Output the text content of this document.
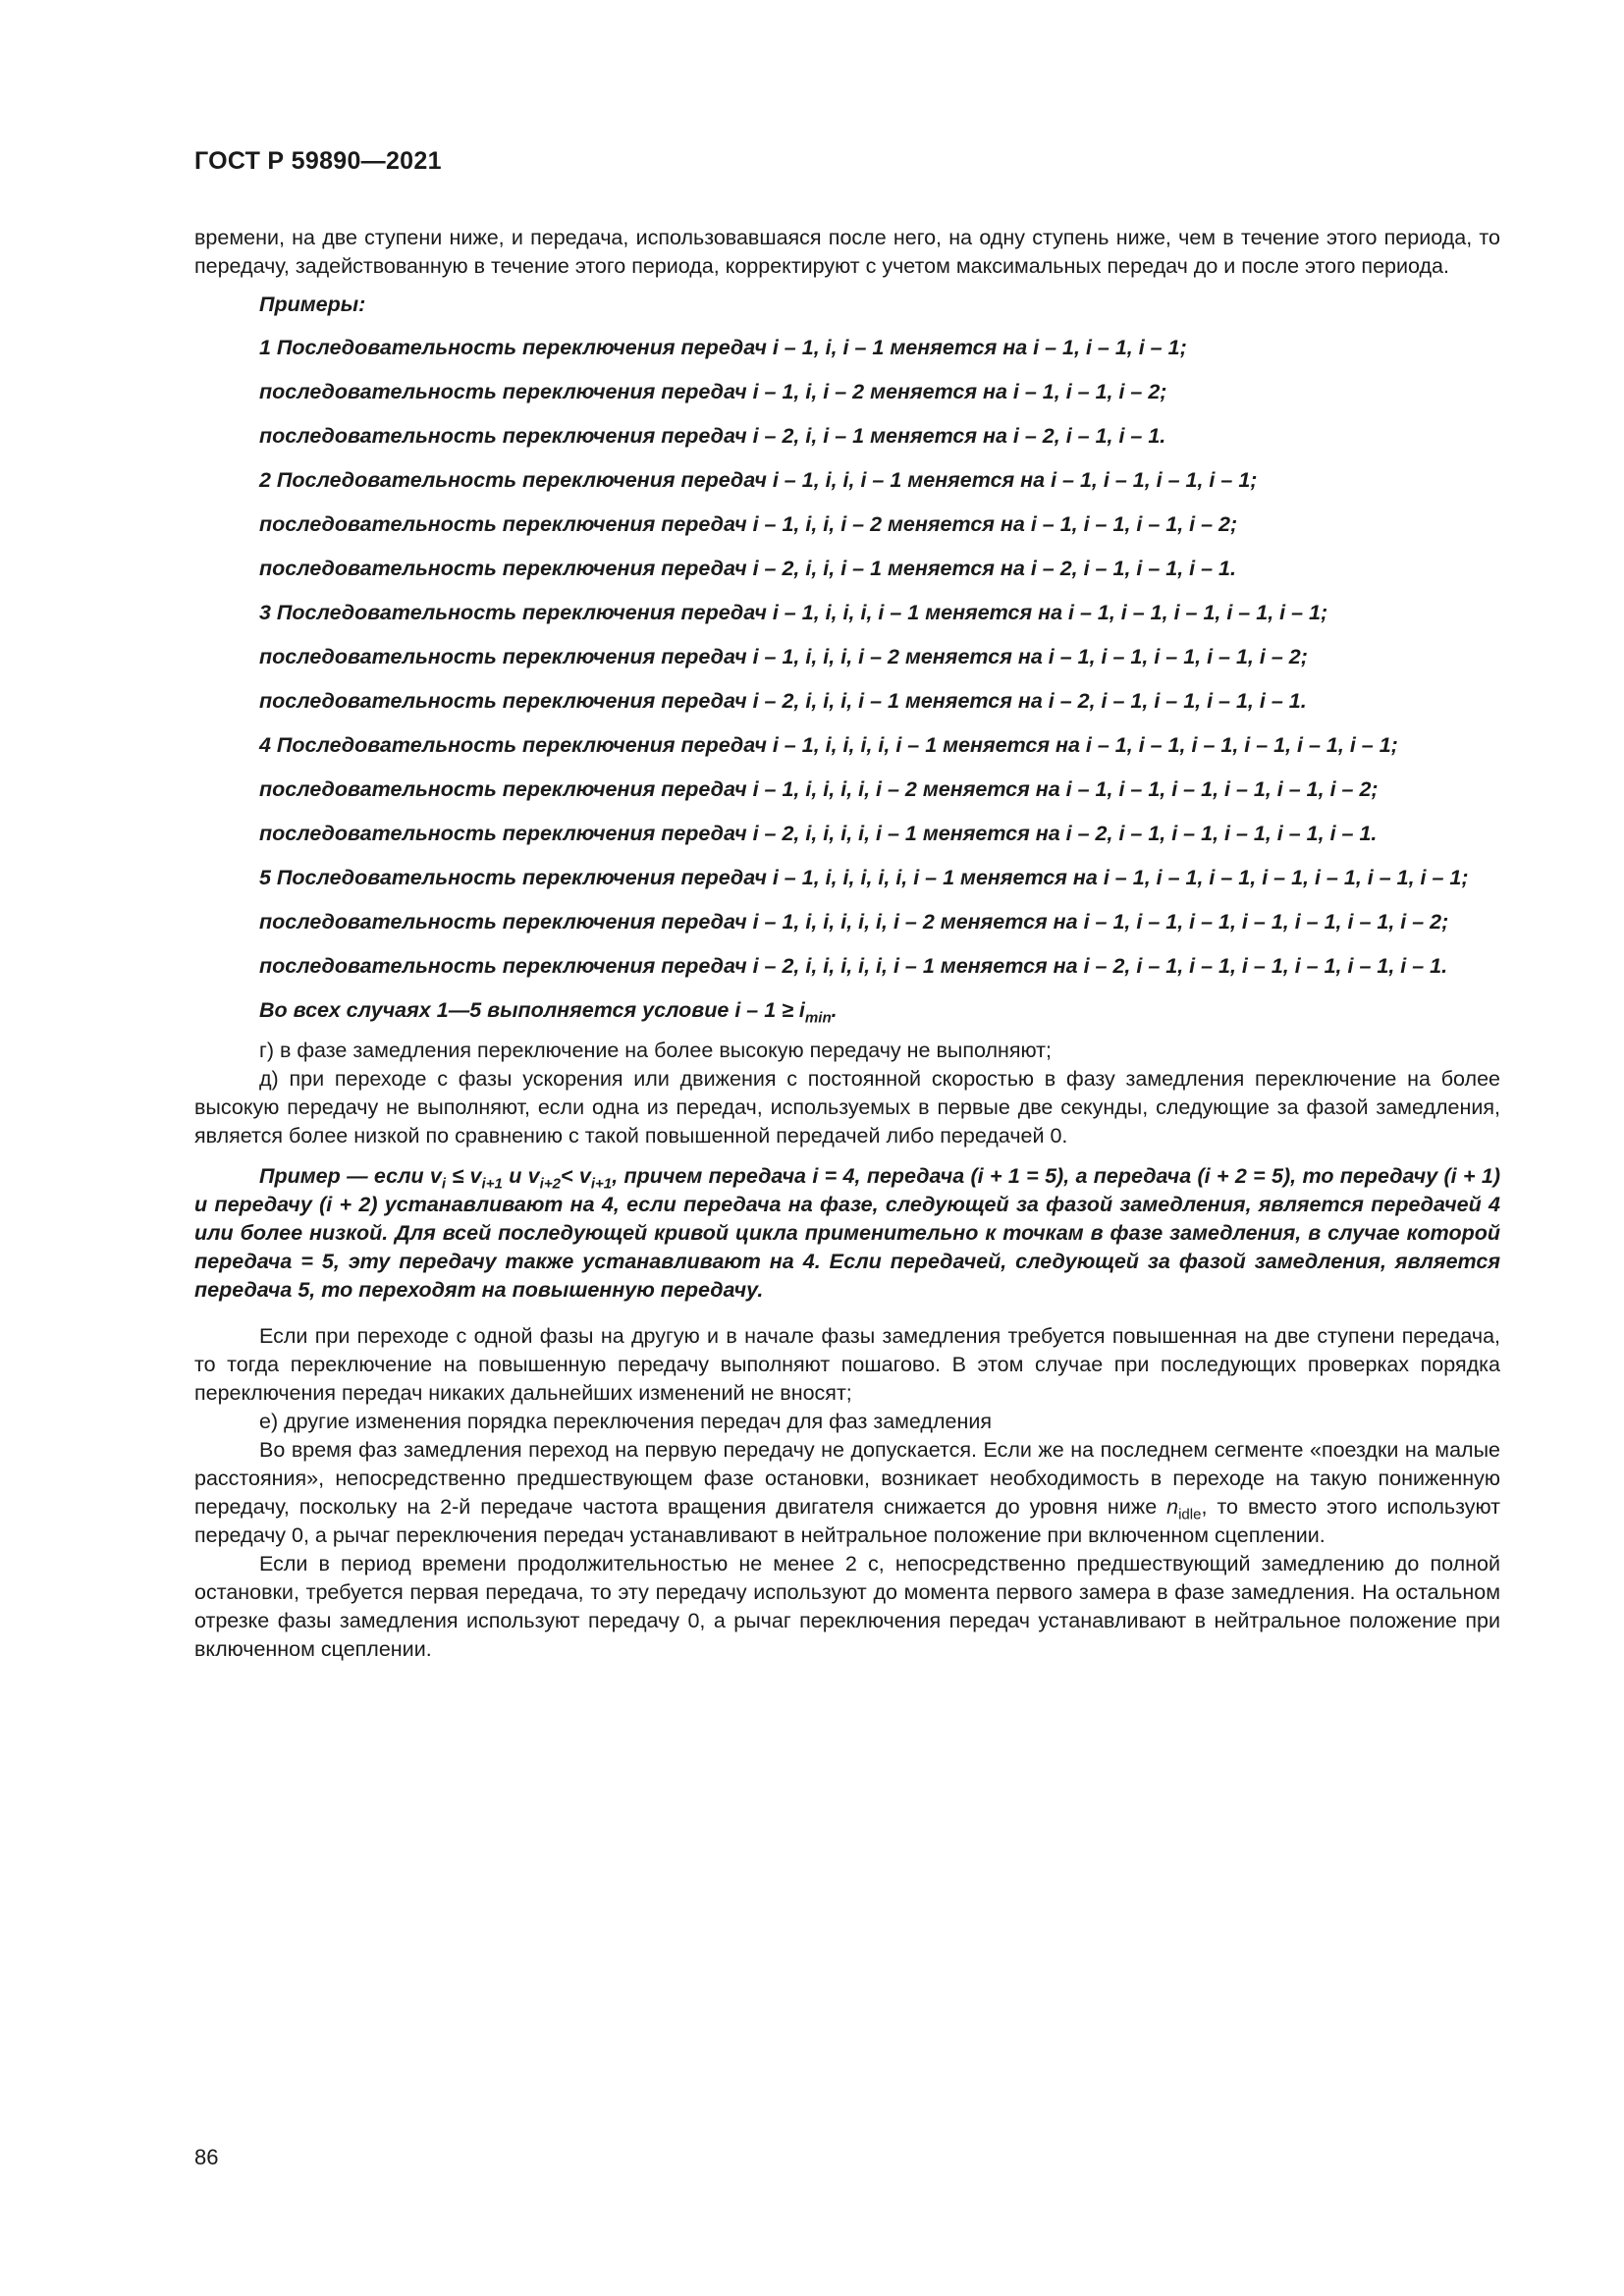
ГОСТ Р 59890—2021

времени, на две ступени ниже, и передача, использовавшаяся после него, на одну ступень ниже, чем в течение этого периода, то передачу, задействованную в течение этого периода, корректируют с учетом максимальных передач до и после этого периода.

Примеры:

1 Последовательность переключения передач i – 1, i, i – 1 меняется на i – 1, i – 1, i – 1;

последовательность переключения передач i – 1, i, i – 2 меняется на i – 1, i – 1, i – 2;

последовательность переключения передач i – 2, i, i – 1 меняется на i – 2, i – 1, i – 1.

2 Последовательность переключения передач i – 1, i, i, i – 1 меняется на i – 1, i – 1, i – 1, i – 1;

последовательность переключения передач i – 1, i, i, i – 2 меняется на i – 1, i – 1, i – 1, i – 2;

последовательность переключения передач i – 2, i, i, i – 1 меняется на i – 2, i – 1, i – 1, i – 1.

3 Последовательность переключения передач i – 1, i, i, i, i – 1 меняется на i – 1, i – 1, i – 1, i – 1, i – 1;

последовательность переключения передач i – 1, i, i, i, i – 2 меняется на i – 1, i – 1, i – 1, i – 1, i – 2;

последовательность переключения передач i – 2, i, i, i, i – 1 меняется на i – 2, i – 1, i – 1, i – 1, i – 1.

4 Последовательность переключения передач i – 1, i, i, i, i, i – 1 меняется на i – 1, i – 1, i – 1, i – 1, i – 1, i – 1;

последовательность переключения передач i – 1, i, i, i, i, i – 2 меняется на i – 1, i – 1, i – 1, i – 1, i – 1, i – 2;

последовательность переключения передач i – 2, i, i, i, i, i – 1 меняется на i – 2, i – 1, i – 1, i – 1, i – 1, i – 1.

5 Последовательность переключения передач i – 1, i, i, i, i, i, i – 1 меняется на i – 1, i – 1, i – 1, i – 1, i – 1, i – 1, i – 1;

последовательность переключения передач i – 1, i, i, i, i, i, i – 2 меняется на i – 1, i – 1, i – 1, i – 1, i – 1, i – 1, i – 2;

последовательность переключения передач i – 2, i, i, i, i, i, i – 1 меняется на i – 2, i – 1, i – 1, i – 1, i – 1, i – 1, i – 1.

Во всех случаях 1—5 выполняется условие $i - 1 \ge i_{min}$.

г) в фазе замедления переключение на более высокую передачу не выполняют;

д) при переходе с фазы ускорения или движения с постоянной скоростью в фазу замедления переключение на более высокую передачу не выполняют, если одна из передач, используемых в первые две секунды, следующие за фазой замедления, является более низкой по сравнению с такой повышенной передачей либо передачей 0.

Пример — если $v_i \le v_{i+1}$ и $v_{i+2}< v_{i+1}$, причем передача i = 4, передача (i + 1 = 5), а передача (i + 2 = 5), то передачу (i + 1) и передачу (i + 2) устанавливают на 4, если передача на фазе, следующей за фазой замедления, является передачей 4 или более низкой. Для всей последующей кривой цикла применительно к точкам в фазе замедления, в случае которой передача = 5, эту передачу также устанавливают на 4. Если передачей, следующей за фазой замедления, является передача 5, то переходят на повышенную передачу.

Если при переходе с одной фазы на другую и в начале фазы замедления требуется повышенная на две ступени передача, то тогда переключение на повышенную передачу выполняют пошагово. В этом случае при последующих проверках порядка переключения передач никаких дальнейших изменений не вносят;

е) другие изменения порядка переключения передач для фаз замедления

Во время фаз замедления переход на первую передачу не допускается. Если же на последнем сегменте «поездки на малые расстояния», непосредственно предшествующем фазе остановки, возникает необходимость в переходе на такую пониженную передачу, поскольку на 2-й передаче частота вращения двигателя снижается до уровня ниже $n_{idle}$, то вместо этого используют передачу 0, а рычаг переключения передач устанавливают в нейтральное положение при включенном сцеплении.

Если в период времени продолжительностью не менее 2 с, непосредственно предшествующий замедлению до полной остановки, требуется первая передача, то эту передачу используют до момента первого замера в фазе замедления. На остальном отрезке фазы замедления используют передачу 0, а рычаг переключения передач устанавливают в нейтральное положение при включенном сцеплении.

86
